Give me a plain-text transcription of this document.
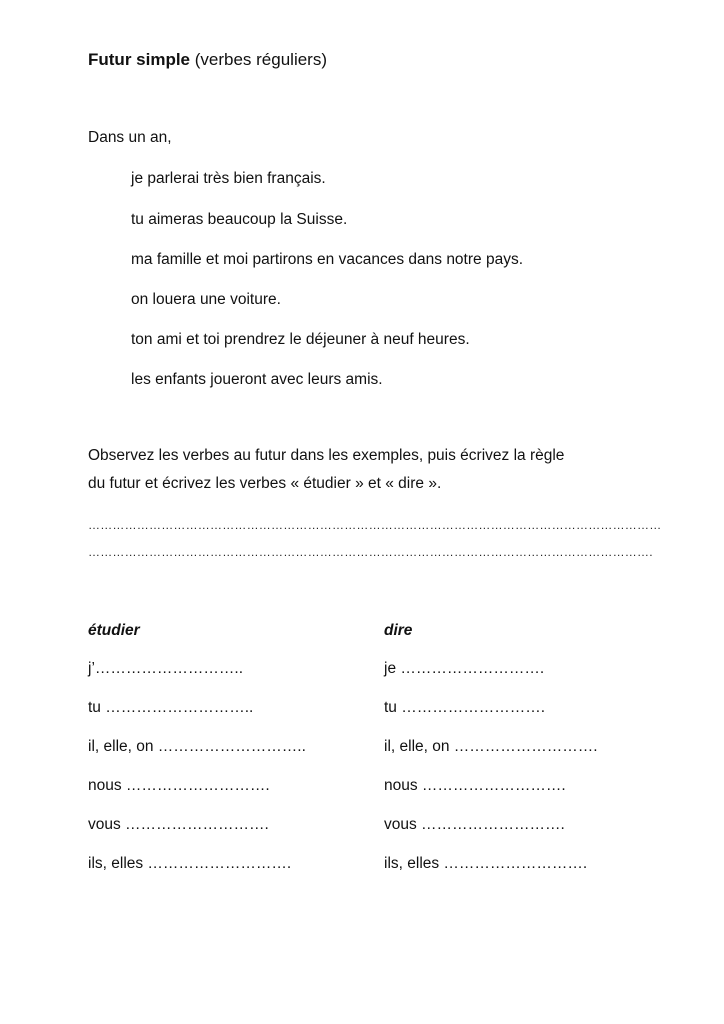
Futur simple (verbes réguliers)
Dans un an,
je parlerai très bien français.
tu aimeras beaucoup la Suisse.
ma famille et moi partirons en vacances dans notre pays.
on louera une voiture.
ton ami et toi prendrez le déjeuner à neuf heures.
les enfants joueront avec leurs amis.
Observez les verbes au futur dans les exemples, puis écrivez la règle
du futur et écrivez les verbes « étudier » et « dire ».
……………………………………………………………………………………………………………………………
………………………………………………………………………………………………………………………….
étudier
j’………………………..
tu ………………………..
il, elle, on ………………………..
nous ……………………….
vous ……………………….
ils, elles ……………………….
dire
je ……………………….
tu ……………………….
il, elle, on ……………………….
nous ……………………….
vous ……………………….
ils, elles ……………………….
